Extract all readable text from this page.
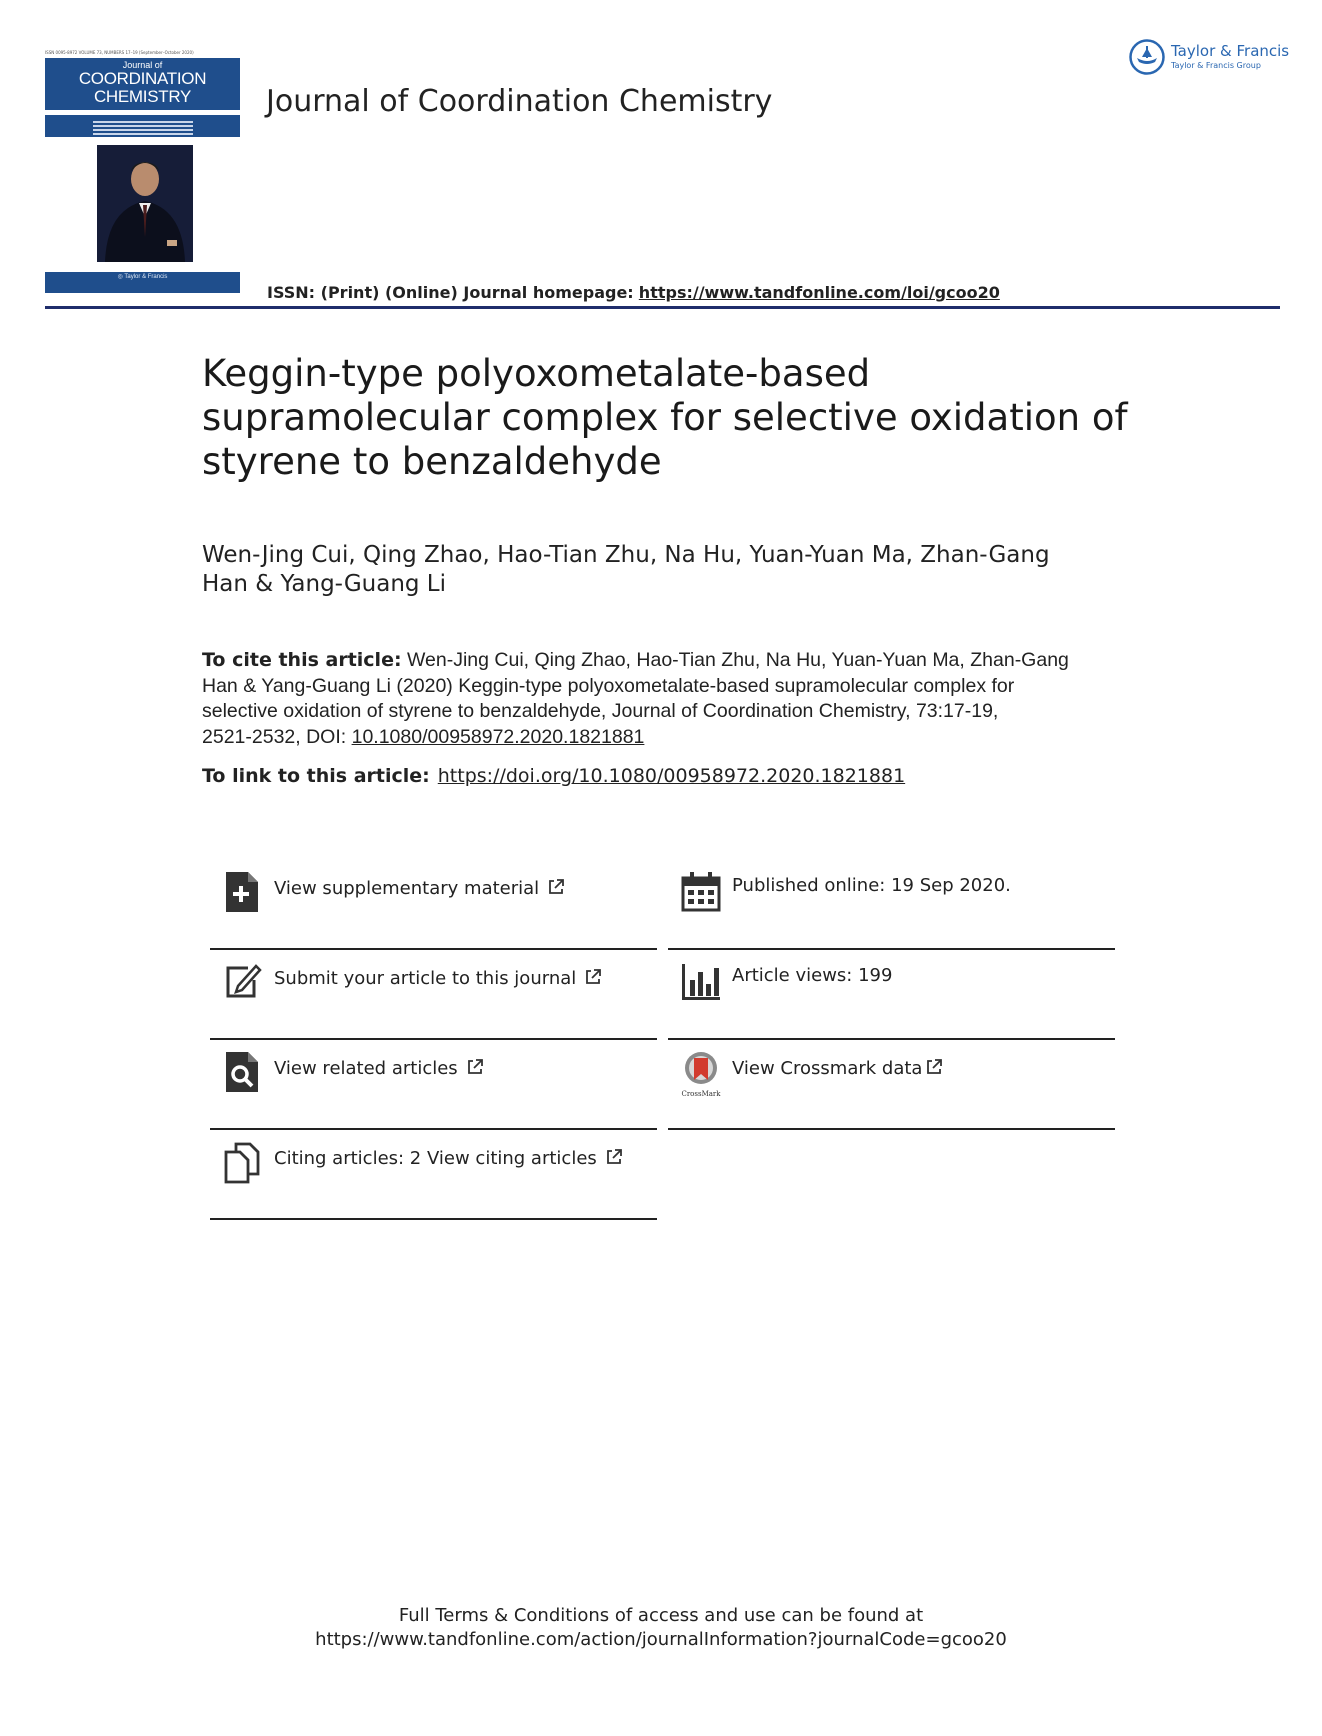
ISSN 0095-8972 VOLUME 73, NUMBERS 17–19 (September–October 2020)
Journal of
COORDINATION
CHEMISTRY
◎ Taylor & Francis
Journal of Coordination Chemistry
Taylor & Francis
Taylor & Francis Group
ISSN: (Print) (Online) Journal homepage: https://www.tandfonline.com/loi/gcoo20
Keggin-type polyoxometalate-based
supramolecular complex for selective oxidation of
styrene to benzaldehyde
Wen-Jing Cui, Qing Zhao, Hao-Tian Zhu, Na Hu, Yuan-Yuan Ma, Zhan-Gang
Han & Yang-Guang Li
To cite this article: Wen-Jing Cui, Qing Zhao, Hao-Tian Zhu, Na Hu, Yuan-Yuan Ma, Zhan-Gang
Han & Yang-Guang Li (2020) Keggin-type polyoxometalate-based supramolecular complex for
selective oxidation of styrene to benzaldehyde, Journal of Coordination Chemistry, 73:17-19,
2521-2532, DOI: 10.1080/00958972.2020.1821881
To link to this article: https://doi.org/10.1080/00958972.2020.1821881
View supplementary material	Published online: 19 Sep 2020.
Submit your article to this journal	Article views: 199
View related articles
CrossMark
View Crossmark data
Citing articles: 2 View citing articles
Full Terms & Conditions of access and use can be found at
https://www.tandfonline.com/action/journalInformation?journalCode=gcoo20
